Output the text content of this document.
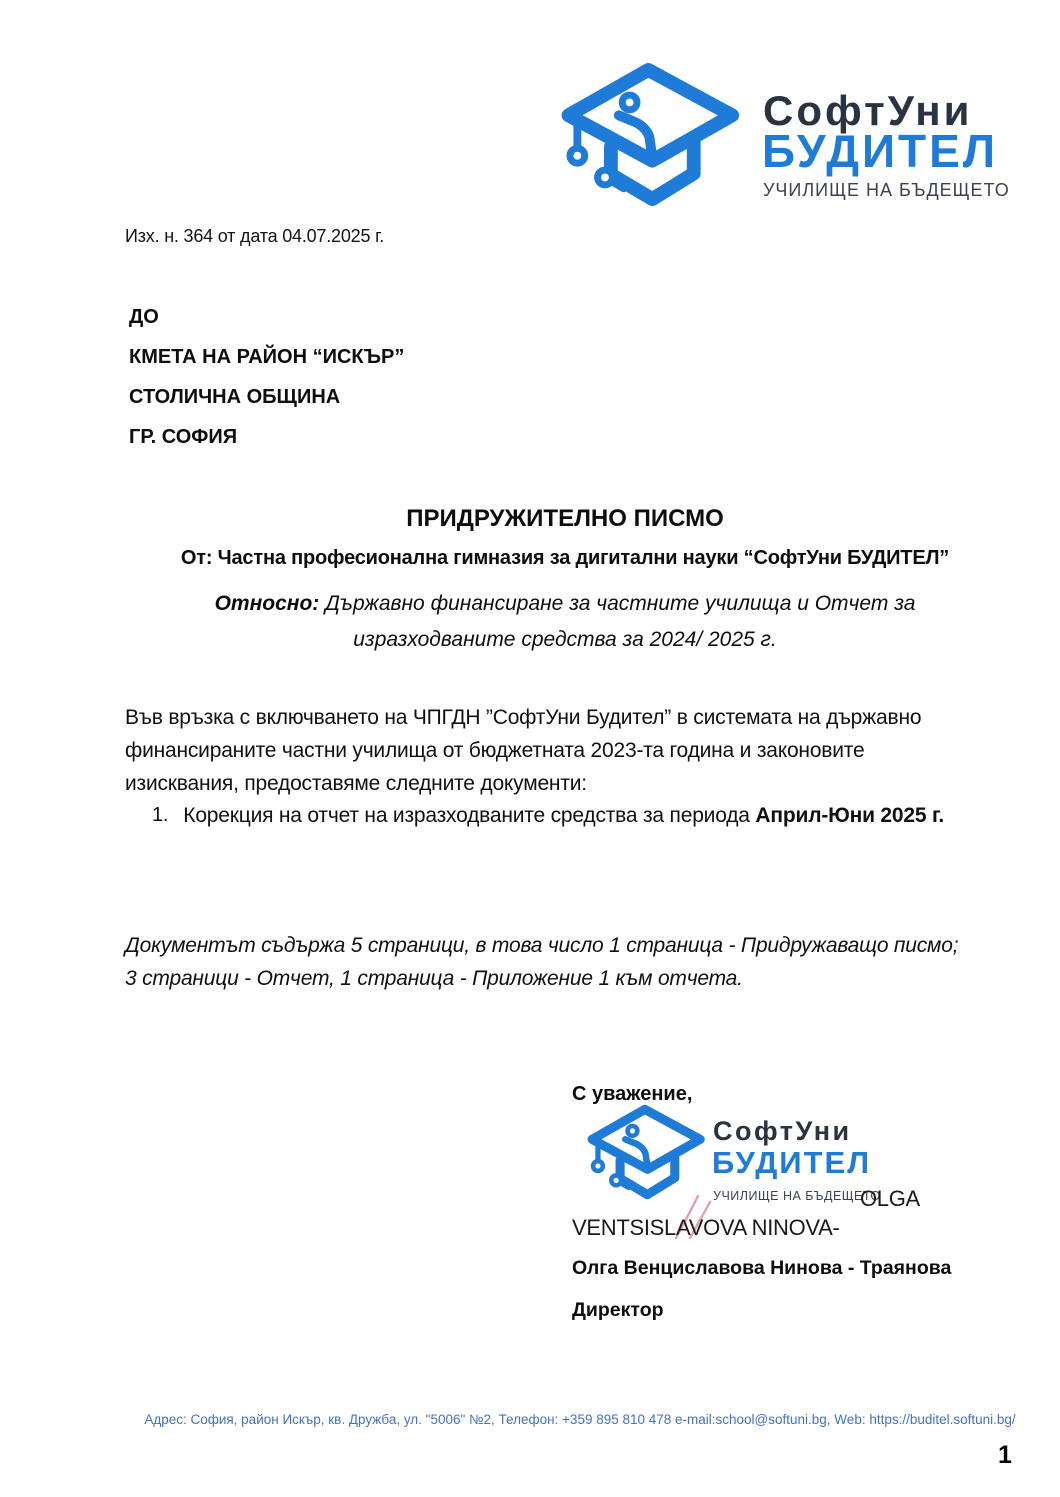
СофтУни
БУДИТЕЛ
УЧИЛИЩЕ НА БЪДЕЩЕТО
Изх. н. 364 от дата 04.07.2025 г.
ДО
КМЕТА НА РАЙОН “ИСКЪР”
СТОЛИЧНА ОБЩИНА
ГР. СОФИЯ
ПРИДРУЖИТЕЛНО ПИСМО
От: Частна професионална гимназия за дигитални науки “СофтУни БУДИТЕЛ”
Относно: Държавно финансиране за частните училища и Отчет за
изразходваните средства за 2024/ 2025 г.
Във връзка с включването на ЧПГДН ”СофтУни Будител” в системата на държавно финансираните частни училища от бюджетната 2023-та година и законовите изисквания, предоставяме следните документи:
1. Корекция на отчет на изразходваните средства за периода Април-Юни 2025 г.
Документът съдържа 5 страници, в това число 1 страница - Придружаващо писмо; 3 страници - Отчет, 1 страница - Приложение 1 към отчета.
С уважение,
СофтУни
БУДИТЕЛ
УЧИЛИЩЕ НА БЪДЕЩЕТО
OLGA
VENTSISLAVOVA NINOVA-
Олга Венциславова Нинова - Траянова
Директор
Адрес: София, район Искър, кв. Дружба, ул. "5006" №2, Телефон: +359 895 810 478 e-mail:school@softuni.bg, Web: https://buditel.softuni.bg/
1
